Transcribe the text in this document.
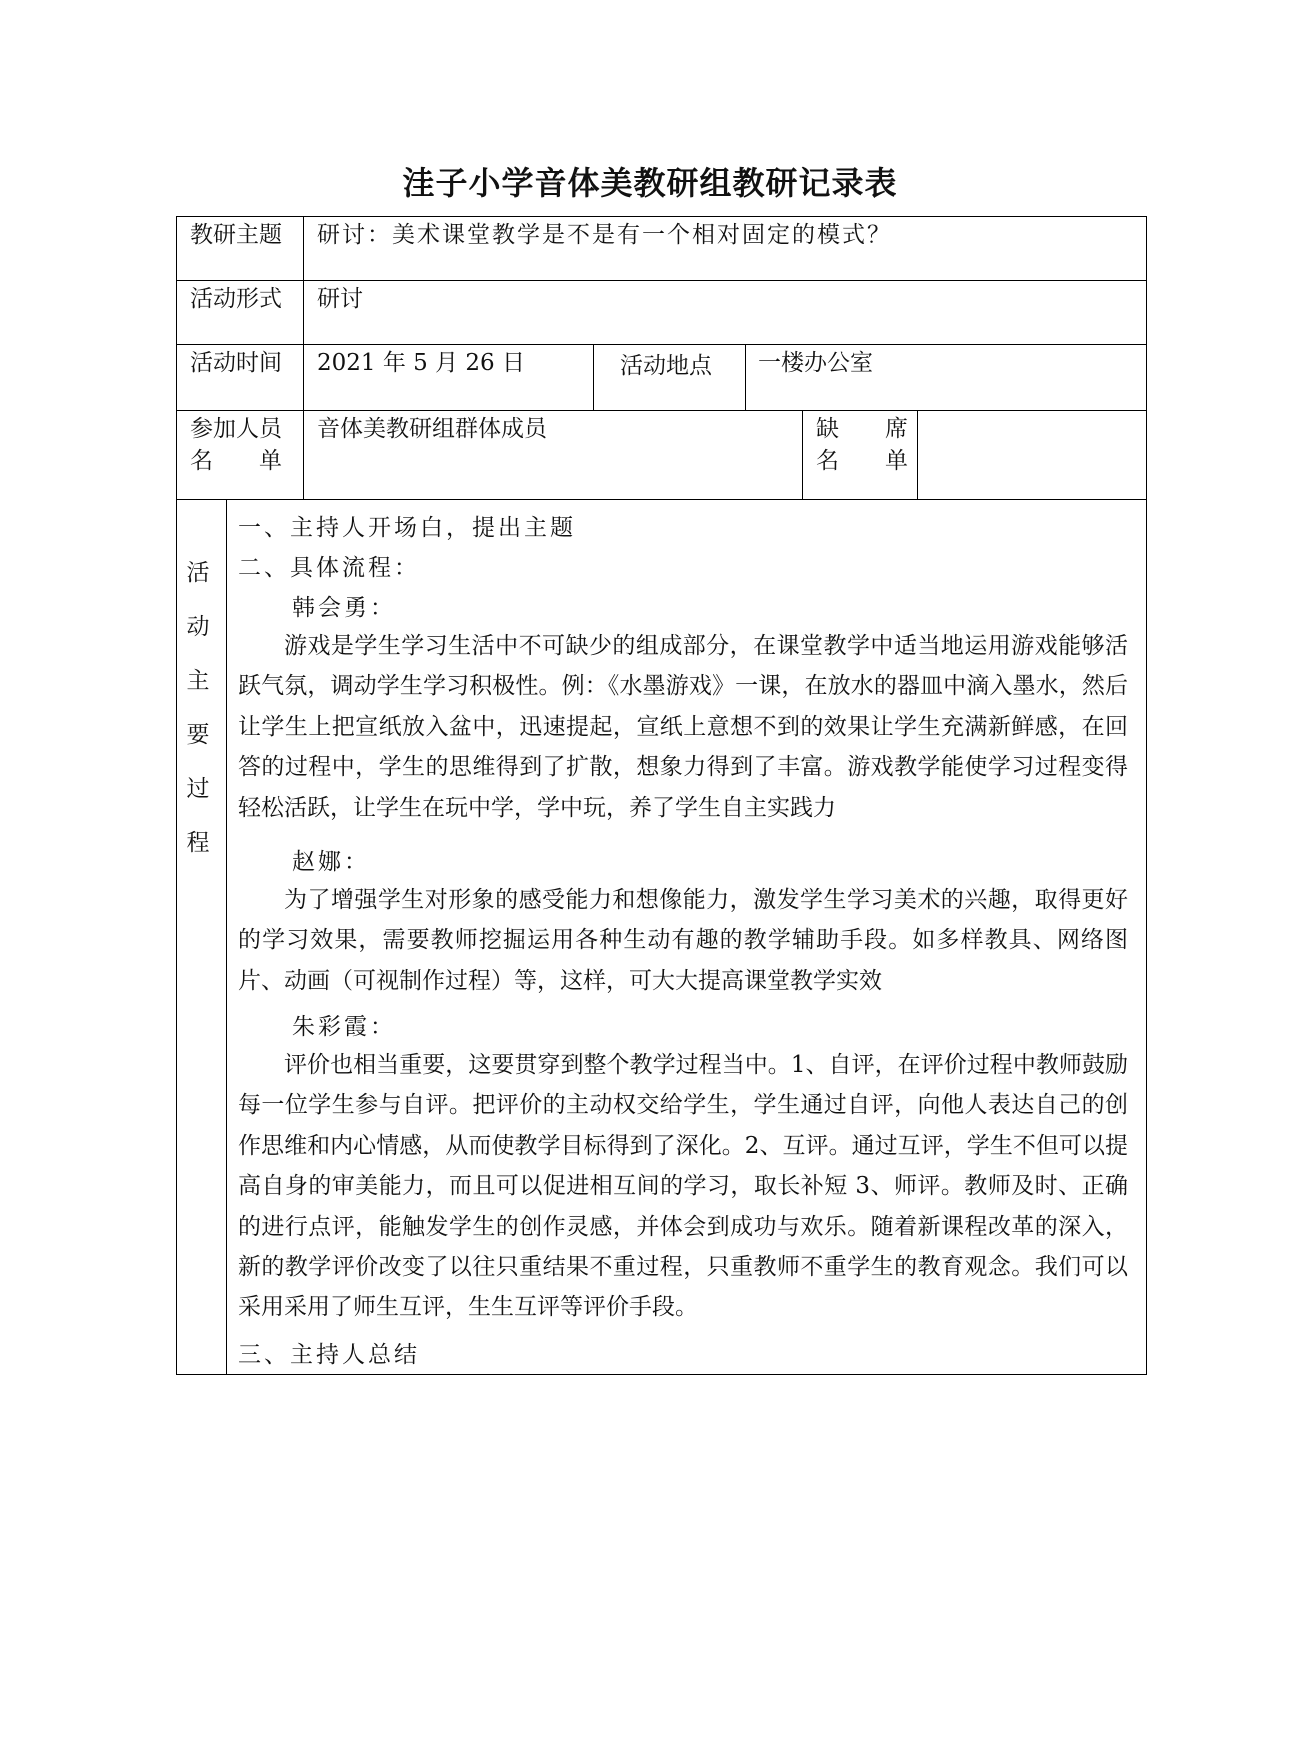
洼子小学音体美教研组教研记录表
教研主题 研讨：美术课堂教学是不是有一个相对固定的模式？
活动形式 研讨
活动时间 2021 年 5 月 26 日	活动地点 一楼办公室
参加人员
名　　单
音体美教研组群体成员	缺　　席
名　　单
活
动
主
要
过
程
一、主持人开场白，提出主题
二、具体流程：
韩会勇：
游戏是学生学习生活中不可缺少的组成部分，在课堂教学中适当地运用游戏能够活跃气氛，调动学生学习积极性。例：《水墨游戏》一课，在放水的器皿中滴入墨水，然后让学生上把宣纸放入盆中，迅速提起，宣纸上意想不到的效果让学生充满新鲜感，在回答的过程中，学生的思维得到了扩散，想象力得到了丰富。游戏教学能使学习过程变得轻松活跃，让学生在玩中学，学中玩，养了学生自主实践力
赵娜：
为了增强学生对形象的感受能力和想像能力，激发学生学习美术的兴趣，取得更好的学习效果，需要教师挖掘运用各种生动有趣的教学辅助手段。如多样教具、网络图片、动画（可视制作过程）等，这样，可大大提高课堂教学实效
朱彩霞：
评价也相当重要，这要贯穿到整个教学过程当中。1、自评，在评价过程中教师鼓励每一位学生参与自评。把评价的主动权交给学生，学生通过自评，向他人表达自己的创作思维和内心情感，从而使教学目标得到了深化。2、互评。通过互评，学生不但可以提高自身的审美能力，而且可以促进相互间的学习，取长补短 3、师评。教师及时、正确的进行点评，能触发学生的创作灵感，并体会到成功与欢乐。随着新课程改革的深入，新的教学评价改变了以往只重结果不重过程，只重教师不重学生的教育观念。我们可以采用采用了师生互评，生生互评等评价手段。
三、主持人总结
